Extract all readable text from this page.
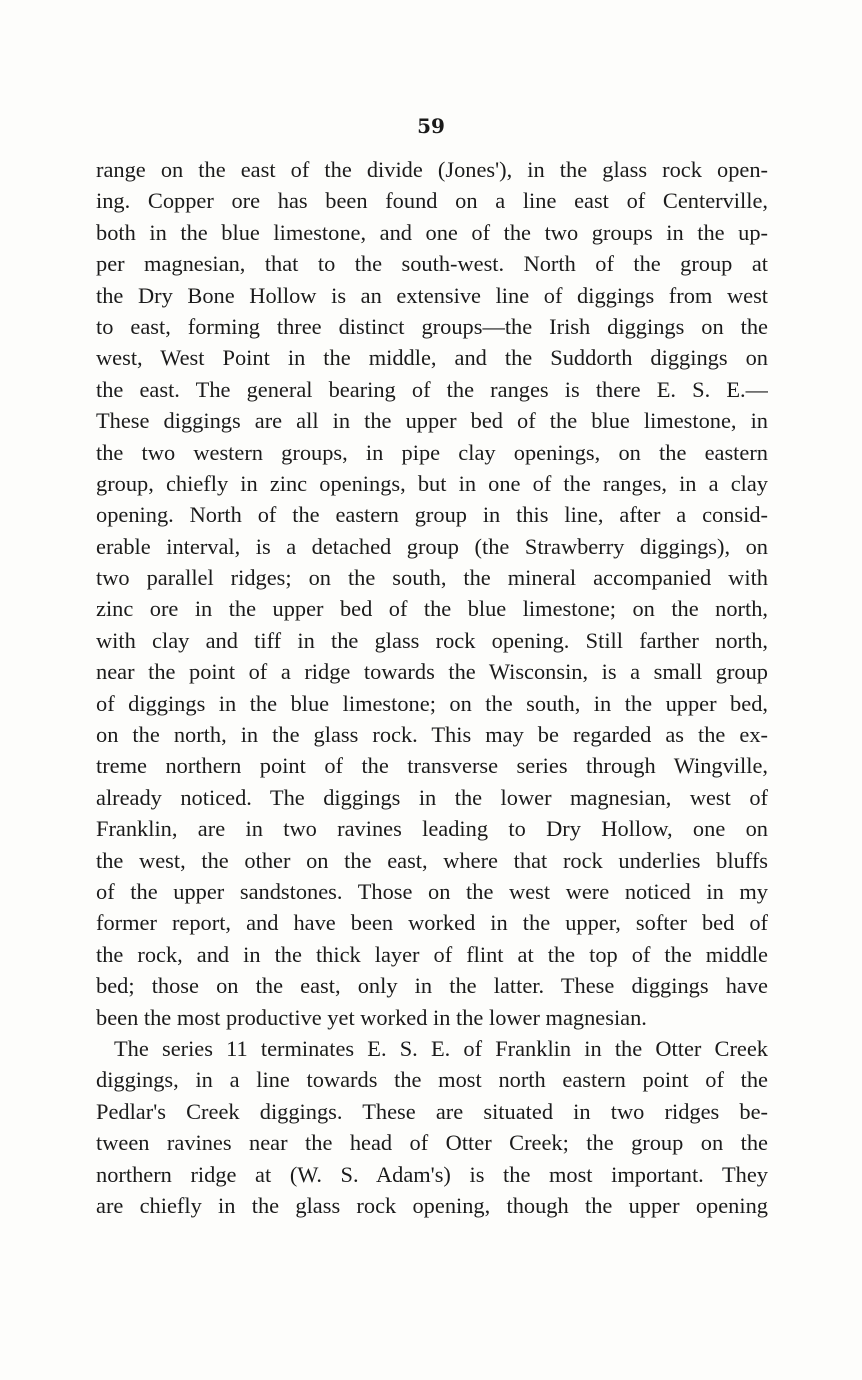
59
range on the east of the divide (Jones'), in the glass rock open-
ing. Copper ore has been found on a line east of Centerville,
both in the blue limestone, and one of the two groups in the up-
per magnesian, that to the south-west. North of the group at
the Dry Bone Hollow is an extensive line of diggings from west
to east, forming three distinct groups—the Irish diggings on the
west, West Point in the middle, and the Suddorth diggings on
the east. The general bearing of the ranges is there E. S. E.—
These diggings are all in the upper bed of the blue limestone, in
the two western groups, in pipe clay openings, on the eastern
group, chiefly in zinc openings, but in one of the ranges, in a clay
opening. North of the eastern group in this line, after a consid-
erable interval, is a detached group (the Strawberry diggings), on
two parallel ridges; on the south, the mineral accompanied with
zinc ore in the upper bed of the blue limestone; on the north,
with clay and tiff in the glass rock opening. Still farther north,
near the point of a ridge towards the Wisconsin, is a small group
of diggings in the blue limestone; on the south, in the upper bed,
on the north, in the glass rock. This may be regarded as the ex-
treme northern point of the transverse series through Wingville,
already noticed. The diggings in the lower magnesian, west of
Franklin, are in two ravines leading to Dry Hollow, one on
the west, the other on the east, where that rock underlies bluffs
of the upper sandstones. Those on the west were noticed in my
former report, and have been worked in the upper, softer bed of
the rock, and in the thick layer of flint at the top of the middle
bed; those on the east, only in the latter. These diggings have
been the most productive yet worked in the lower magnesian.
The series 11 terminates E. S. E. of Franklin in the Otter Creek
diggings, in a line towards the most north eastern point of the
Pedlar's Creek diggings. These are situated in two ridges be-
tween ravines near the head of Otter Creek; the group on the
northern ridge at (W. S. Adam's) is the most important. They
are chiefly in the glass rock opening, though the upper opening
